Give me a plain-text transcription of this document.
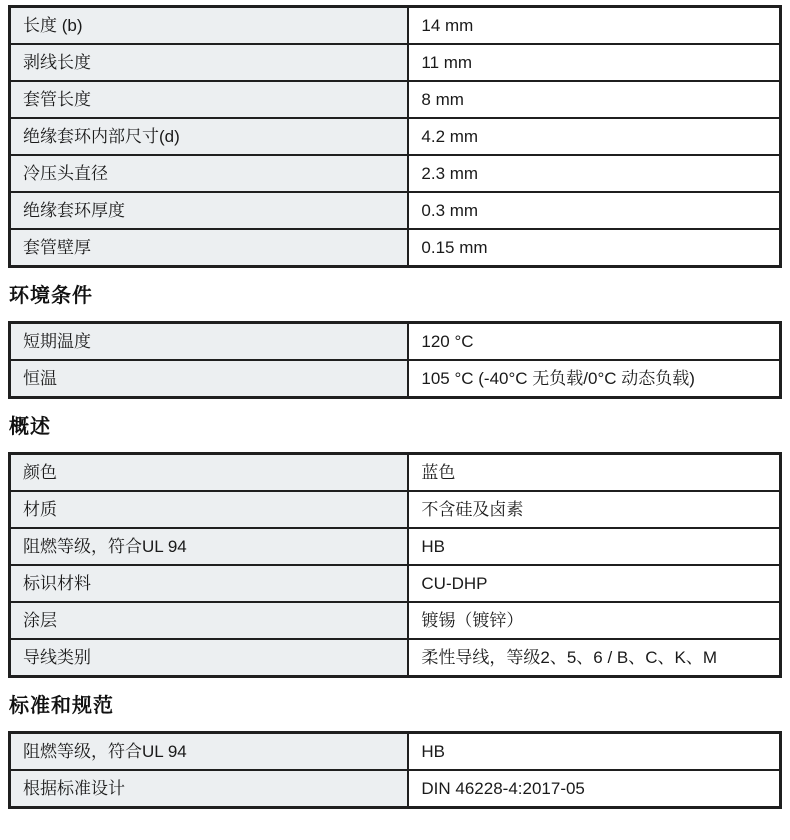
长度 (b)	14 mm
剥线长度	11 mm
套管长度	8 mm
绝缘套环内部尺寸(d)	4.2 mm
冷压头直径	2.3 mm
绝缘套环厚度	0.3 mm
套管壁厚	0.15 mm
环境条件
短期温度	120 °C
恒温	105 °C (-40°C 无负载/0°C 动态负载)
概述
颜色	蓝色
材质	不含硅及卤素
阻燃等级，符合UL 94	HB
标识材料	CU-DHP
涂层	镀锡（镀锌）
导线类别	柔性导线，等级2、5、6 / B、C、K、M
标准和规范
阻燃等级，符合UL 94	HB
根据标准设计	DIN 46228-4:2017-05
